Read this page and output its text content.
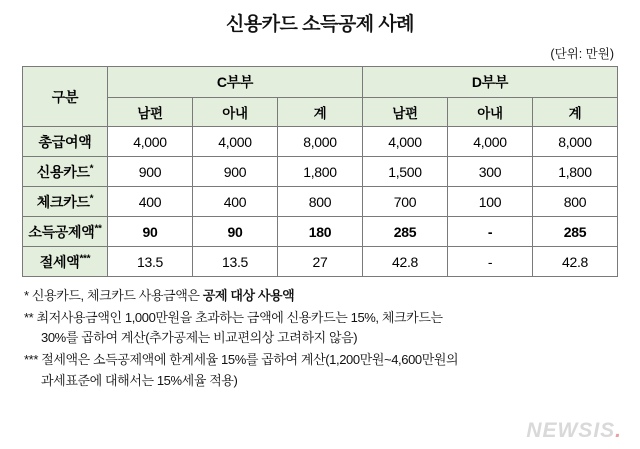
신용카드 소득공제 사례
(단위: 만원)
구분	C부부			D부부		
	남편	아내	계	남편	아내	계
총급여액	4,000	4,000	8,000	4,000	4,000	8,000
신용카드*	900	900	1,800	1,500	300	1,800
체크카드*	400	400	800	700	100	800
소득공제액**	90	90	180	285	-	285
절세액***	13.5	13.5	27	42.8	-	42.8
* 신용카드, 체크카드 사용금액은 공제 대상 사용액
** 최저사용금액인 1,000만원을 초과하는 금액에 신용카드는 15%, 체크카드는
30%를 곱하여 계산(추가공제는 비교편의상 고려하지 않음)
*** 절세액은 소득공제액에 한계세율 15%를 곱하여 계산(1,200만원~4,600만원의
과세표준에 대해서는 15%세율 적용)
NEWSIS.
